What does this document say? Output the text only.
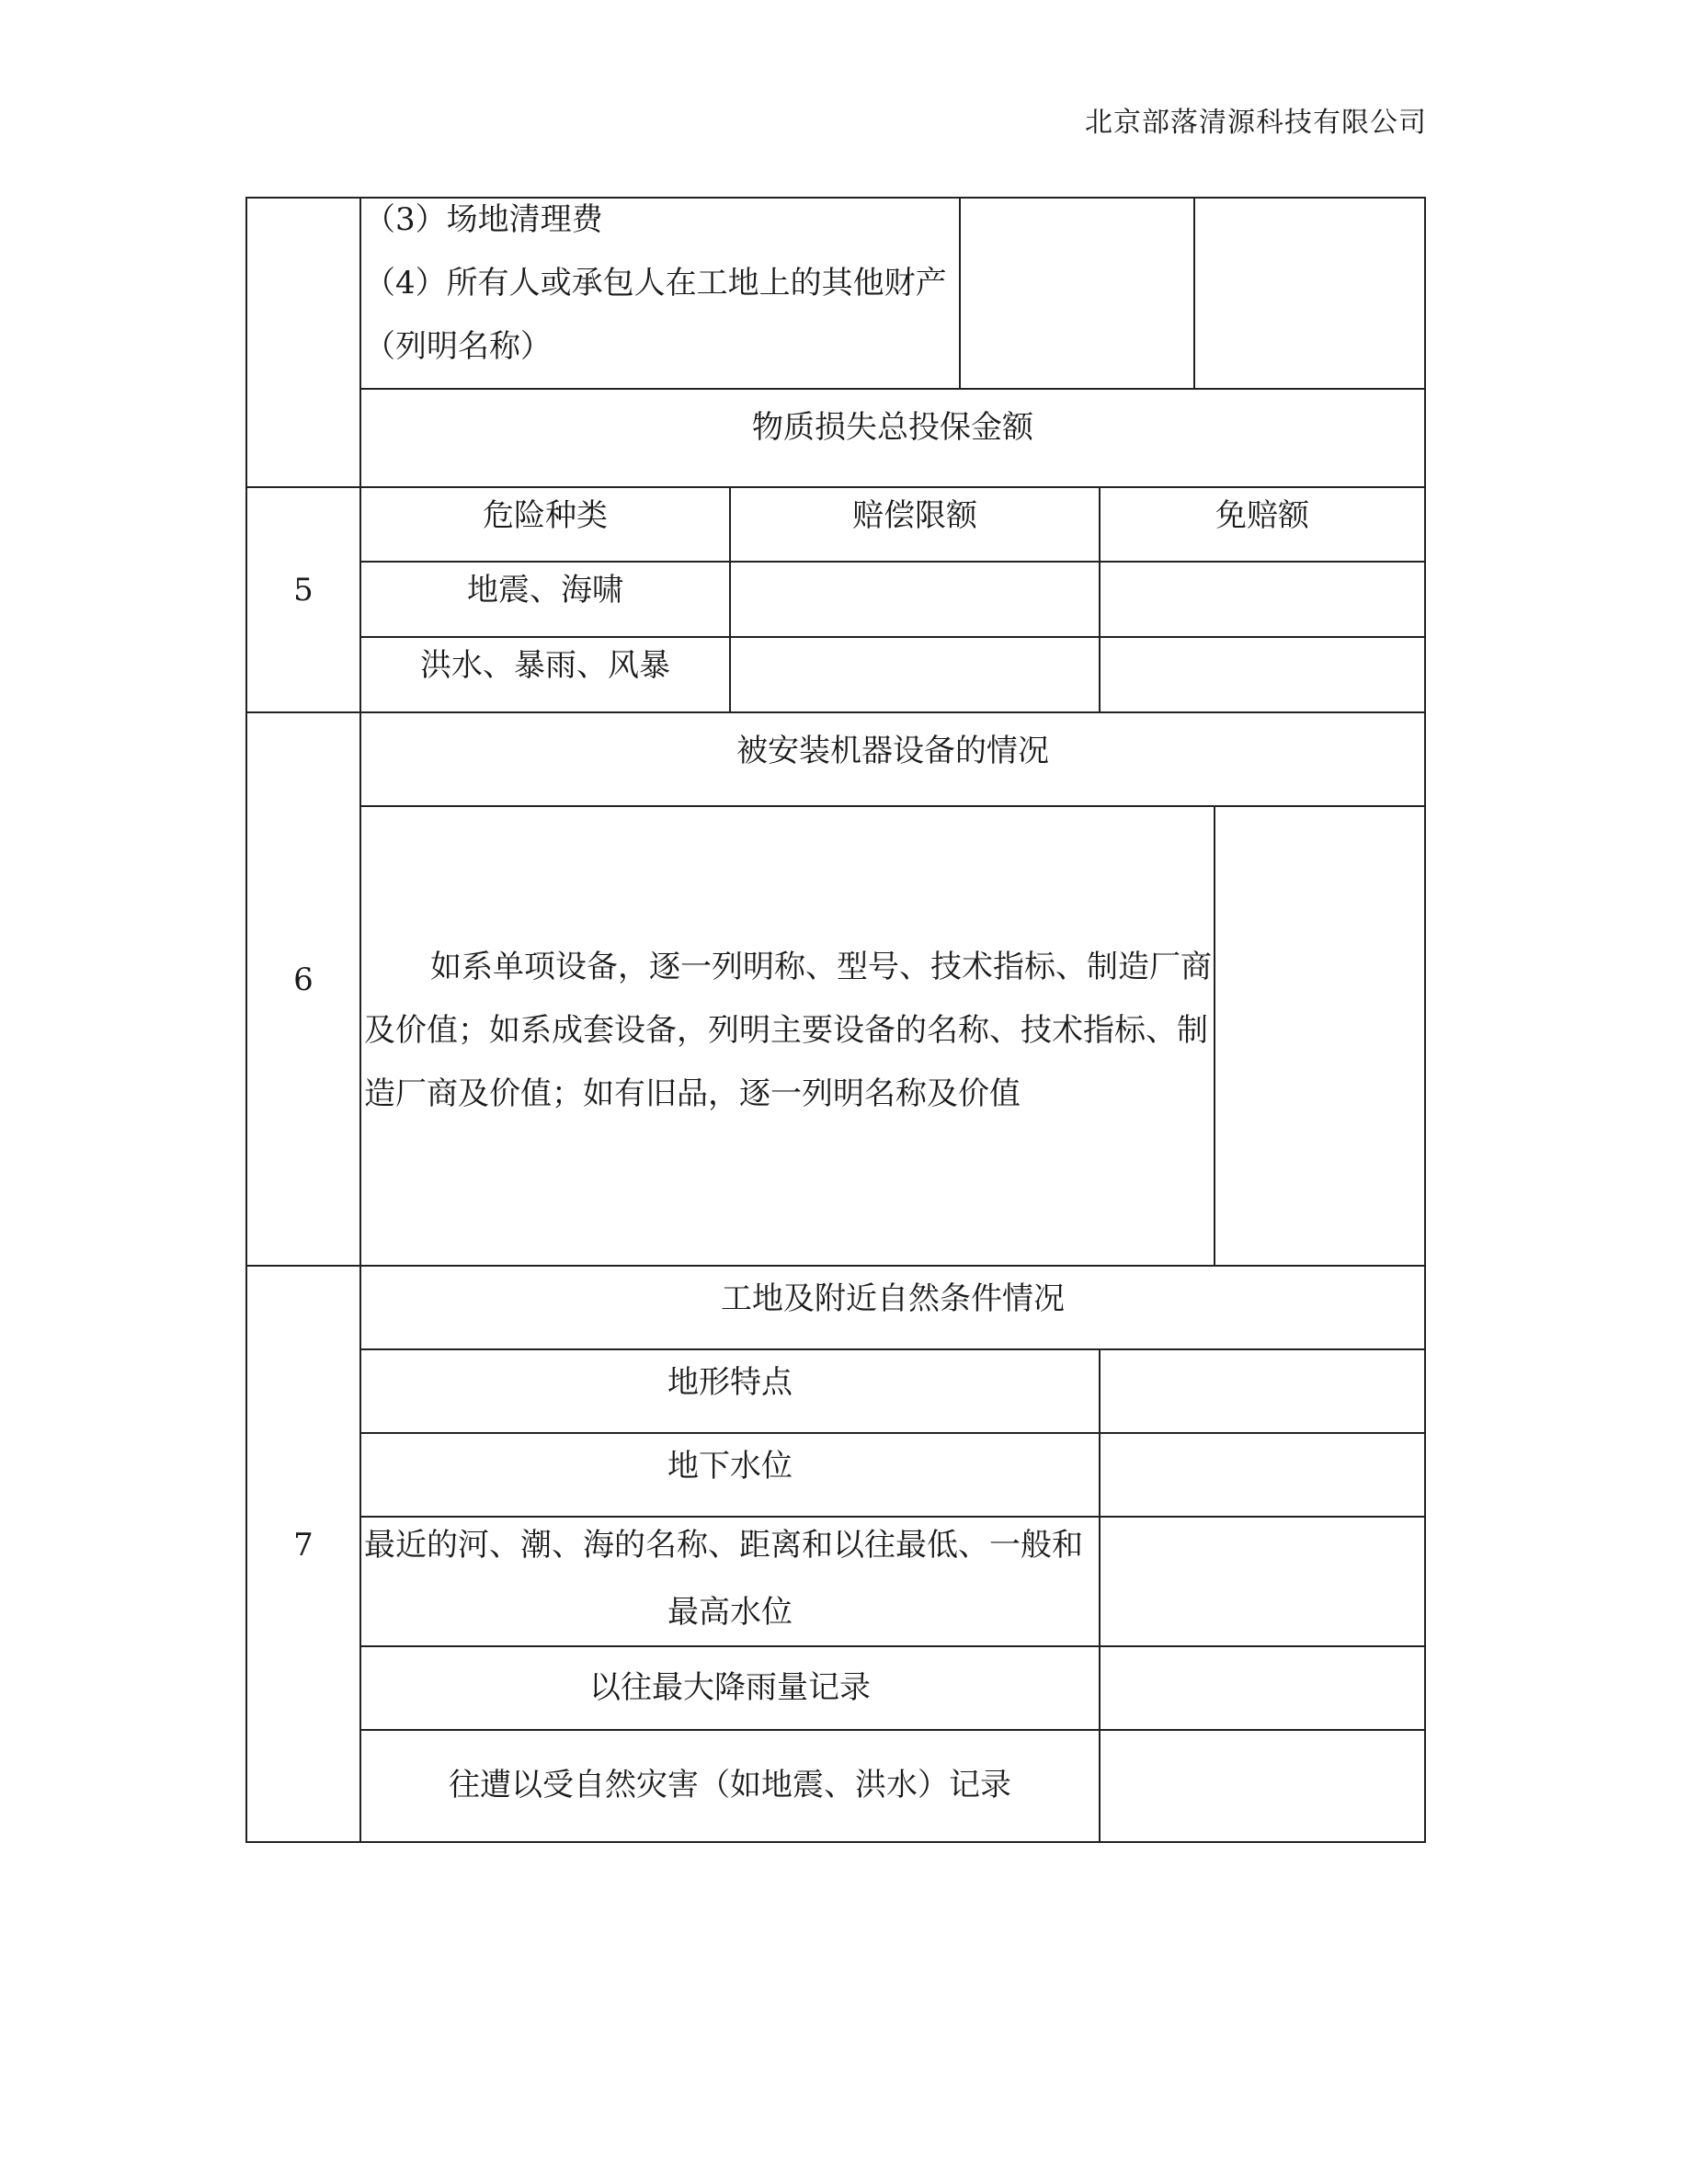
北京部落清源科技有限公司
（3）场地清理费
（4）所有人或承包人在工地上的其他财产
（列明名称）
物质损失总投保金额
5
危险种类	赔偿限额	免赔额
地震、海啸
洪水、暴雨、风暴
6
被安装机器设备的情况
如系单项设备，逐一列明称、型号、技术指标、制造厂商及价值；如系成套设备，列明主要设备的名称、技术指标、制造厂商及价值；如有旧品，逐一列明名称及价值
7
工地及附近自然条件情况
地形特点
地下水位
最近的河、潮、海的名称、距离和以往最低、一般和
最高水位
以往最大降雨量记录
往遭以受自然灾害（如地震、洪水）记录
